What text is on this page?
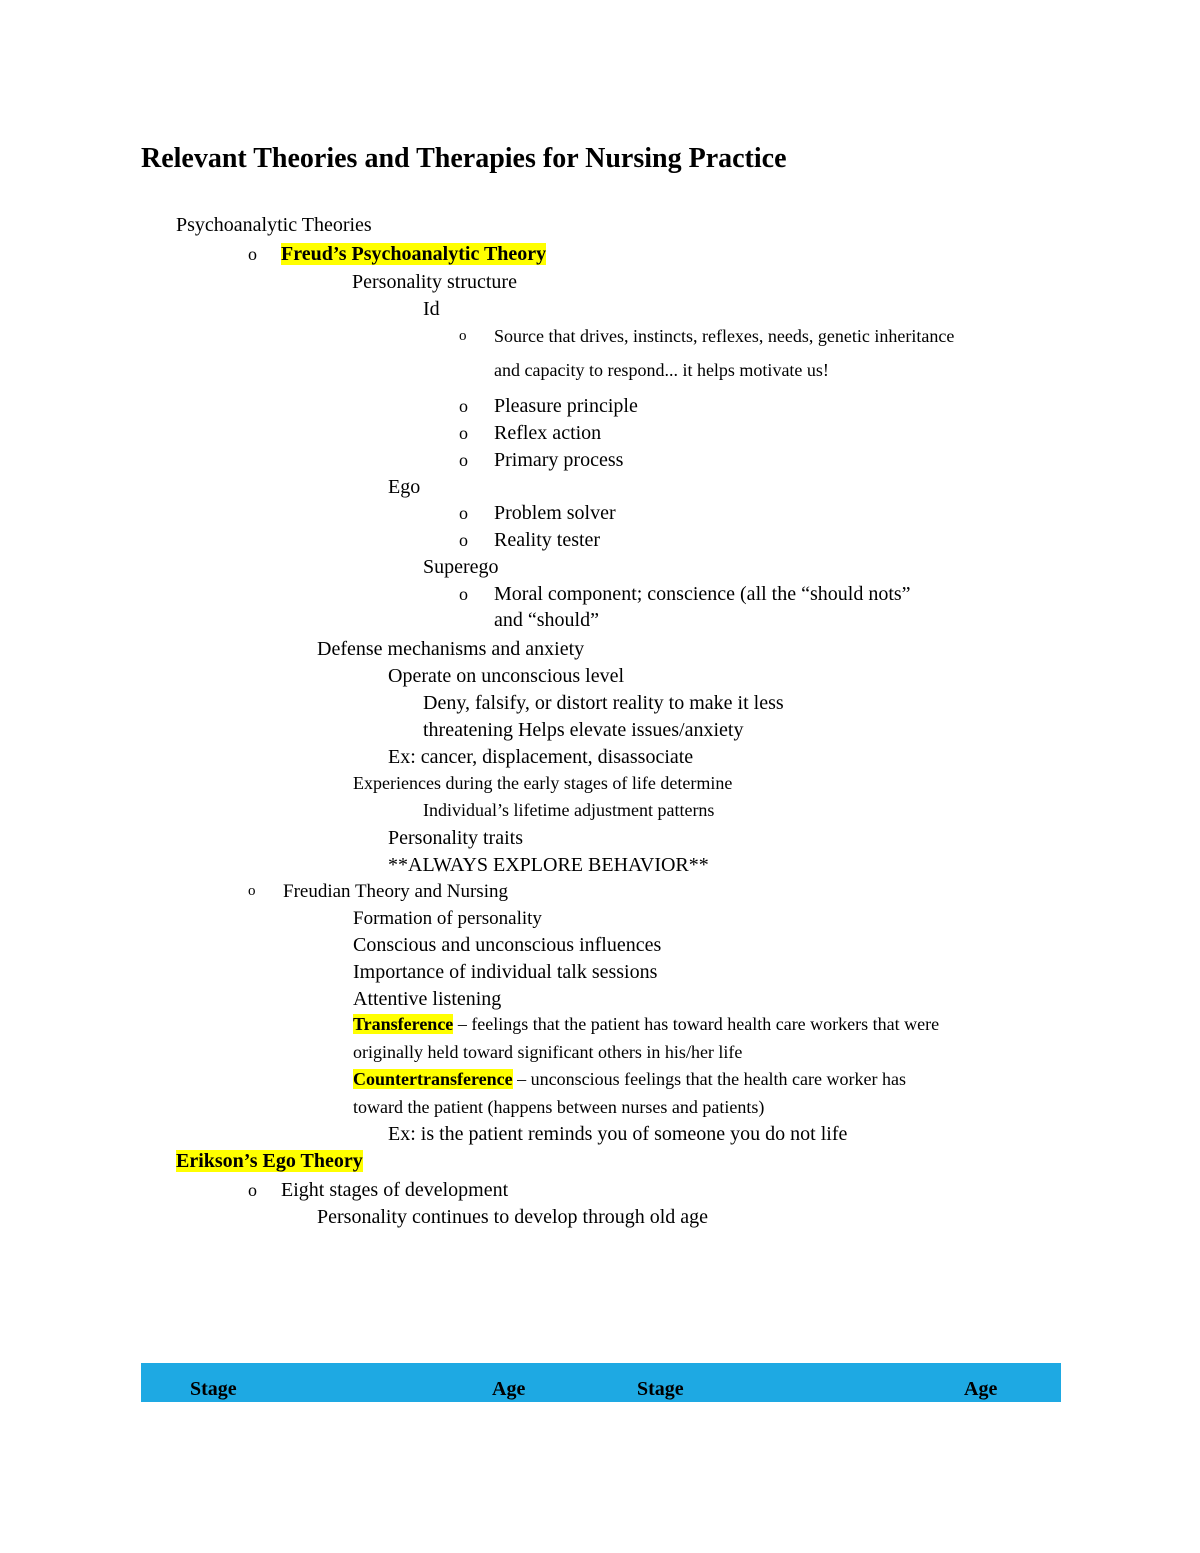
Relevant Theories and Therapies for Nursing Practice
Psychoanalytic Theories
o Freud’s Psychoanalytic Theory
Personality structure
Id
o Source that drives, instincts, reflexes, needs, genetic inheritance
and capacity to respond... it helps motivate us!
o Pleasure principle
o Reflex action
o Primary process
Ego
o Problem solver
o Reality tester
Superego
o Moral component; conscience (all the “should nots”
and “should”
Defense mechanisms and anxiety
Operate on unconscious level
Deny, falsify, or distort reality to make it less
threatening Helps elevate issues/anxiety
Ex: cancer, displacement, disassociate
Experiences during the early stages of life determine
Individual’s lifetime adjustment patterns
Personality traits
**ALWAYS EXPLORE BEHAVIOR**
o Freudian Theory and Nursing
Formation of personality
Conscious and unconscious influences
Importance of individual talk sessions
Attentive listening
Transference – feelings that the patient has toward health care workers that were
originally held toward significant others in his/her life
Countertransference – unconscious feelings that the health care worker has
toward the patient (happens between nurses and patients)
Ex: is the patient reminds you of someone you do not life
Erikson’s Ego Theory
o Eight stages of development
Personality continues to develop through old age
Stage	Age	Stage	Age
